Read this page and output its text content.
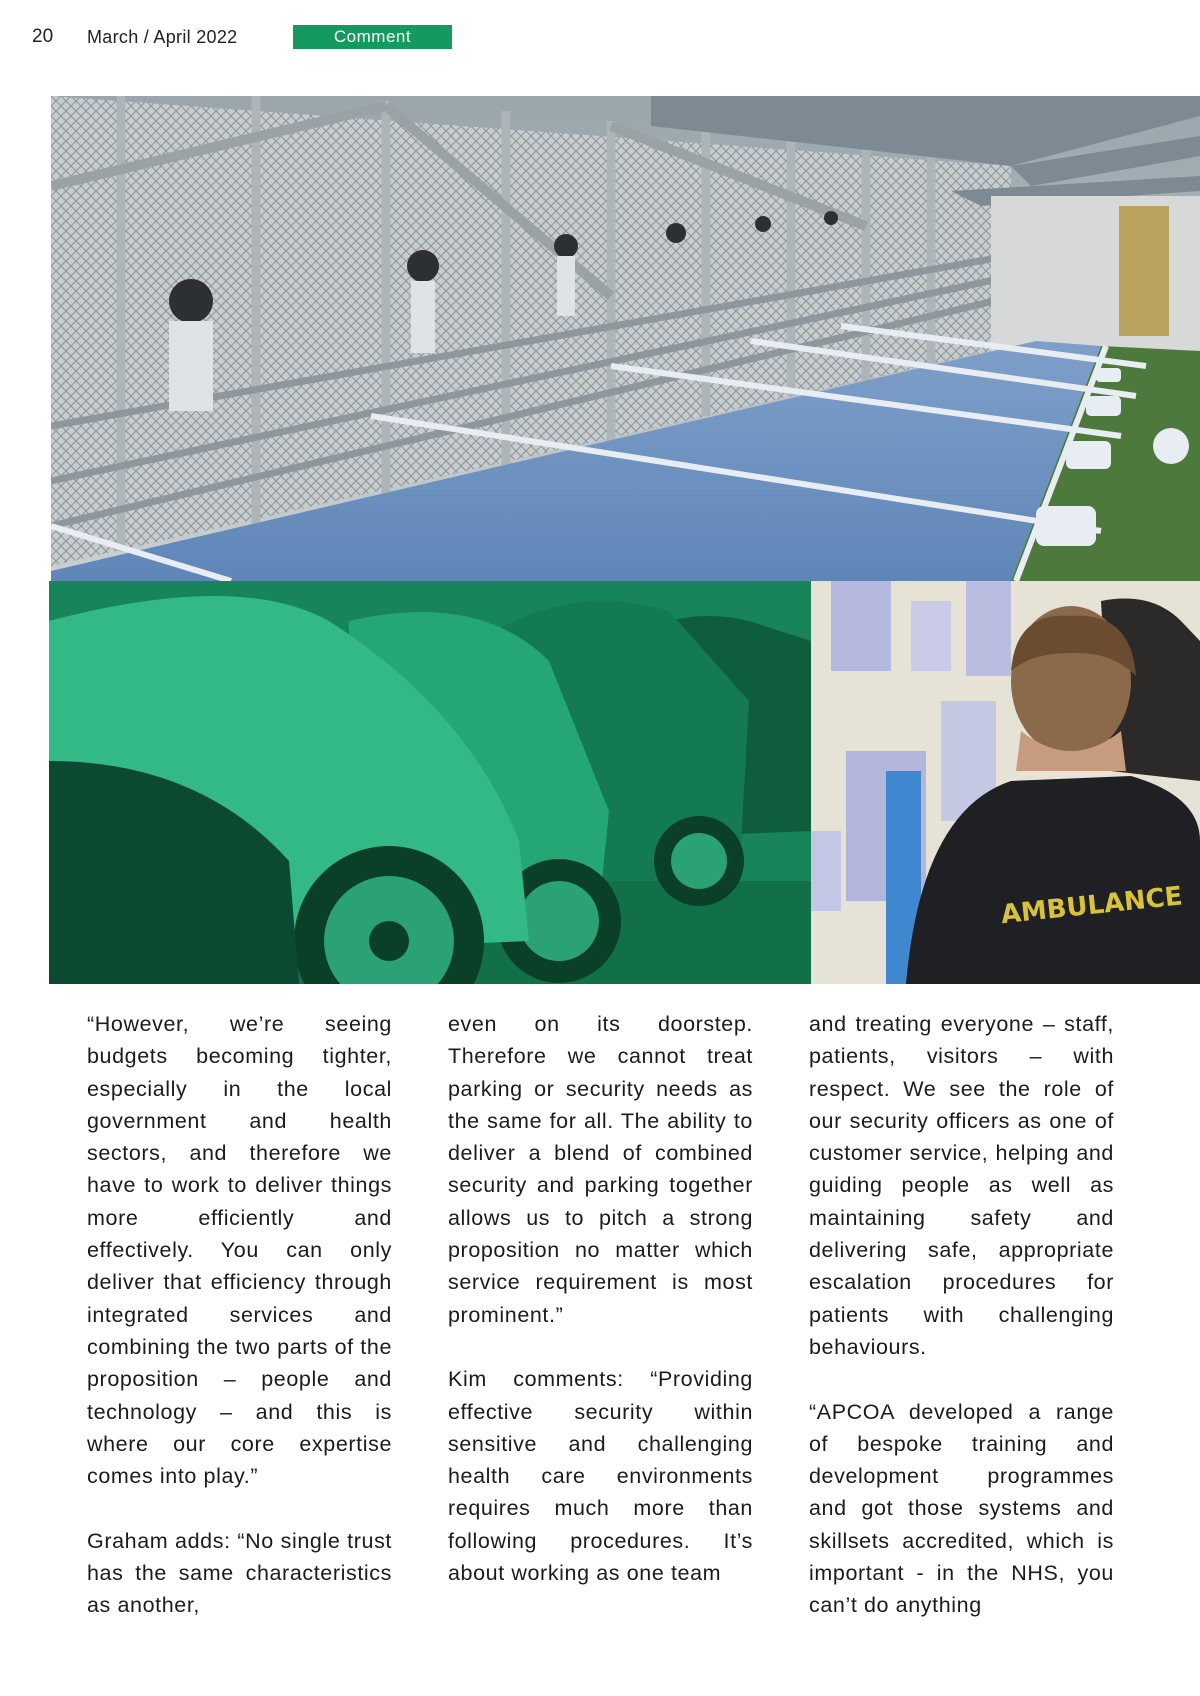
20 March / April 2022	Comment
AMBULANCE

“However, we’re seeing budgets becoming tighter, especially in the local government and health sectors, and therefore we have to work to deliver things more efficiently and effectively. You can only deliver that efficiency through integrated services and combining the two parts of the proposition – people and technology – and this is where our core expertise comes into play.”

Graham adds: “No single trust has the same characteristics as another,

even on its doorstep. Therefore we cannot treat parking or security needs as the same for all. The ability to deliver a blend of combined security and parking together allows us to pitch a strong proposition no matter which service requirement is most prominent.”

Kim comments: “Providing effective security within sensitive and challenging health care environments requires much more than following procedures. It’s about working as one team

and treating everyone – staff, patients, visitors – with respect. We see the role of our security officers as one of customer service, helping and guiding people as well as maintaining safety and delivering safe, appropriate escalation procedures for patients with challenging behaviours.

“APCOA developed a range of bespoke training and development programmes and got those systems and skillsets accredited, which is important - in the NHS, you can’t do anything
